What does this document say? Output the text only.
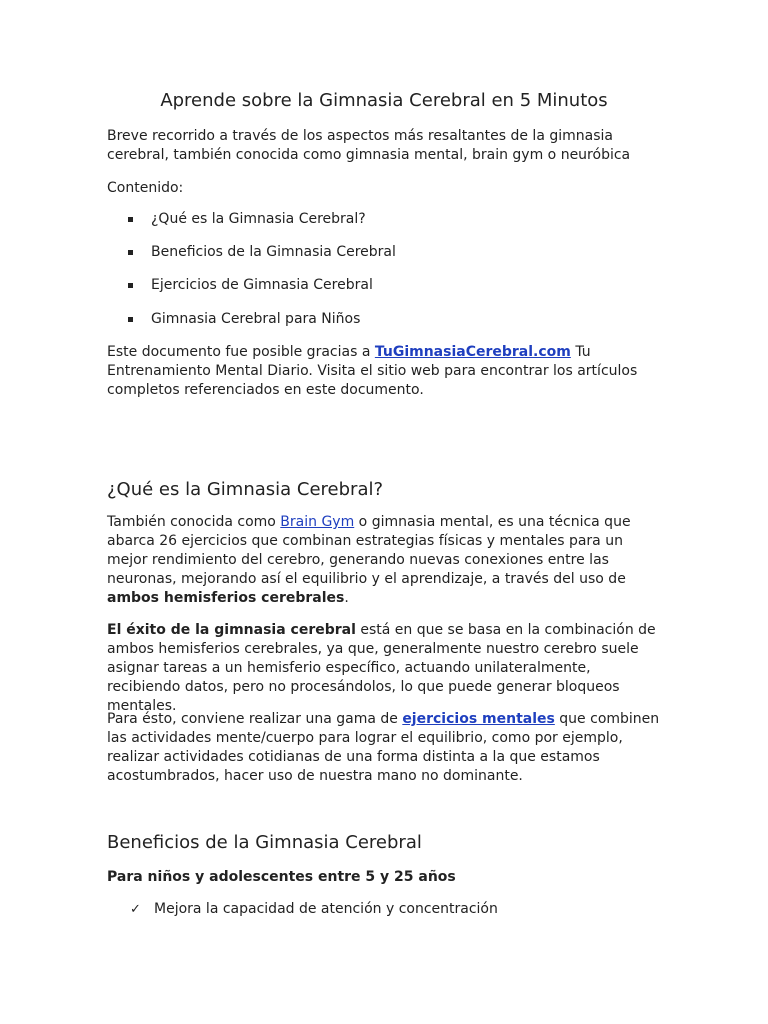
Aprende sobre la Gimnasia Cerebral en 5 Minutos

Breve recorrido a través de los aspectos más resaltantes de la gimnasia cerebral, también conocida como gimnasia mental, brain gym o neuróbica

Contenido:

¿Qué es la Gimnasia Cerebral?
Beneficios de la Gimnasia Cerebral
Ejercicios de Gimnasia Cerebral
Gimnasia Cerebral para Niños

Este documento fue posible gracias a TuGimnasiaCerebral.com Tu Entrenamiento Mental Diario. Visita el sitio web para encontrar los artículos completos referenciados en este documento.

¿Qué es la Gimnasia Cerebral?

También conocida como Brain Gym o gimnasia mental, es una técnica que abarca 26 ejercicios que combinan estrategias físicas y mentales para un mejor rendimiento del cerebro, generando nuevas conexiones entre las neuronas, mejorando así el equilibrio y el aprendizaje, a través del uso de ambos hemisferios cerebrales.

El éxito de la gimnasia cerebral está en que se basa en la combinación de ambos hemisferios cerebrales, ya que, generalmente nuestro cerebro suele asignar tareas a un hemisferio específico, actuando unilateralmente, recibiendo datos, pero no procesándolos, lo que puede generar bloqueos mentales.

Para ésto, conviene realizar una gama de ejercicios mentales que combinen las actividades mente/cuerpo para lograr el equilibrio, como por ejemplo, realizar actividades cotidianas de una forma distinta a la que estamos acostumbrados, hacer uso de nuestra mano no dominante.

Beneficios de la Gimnasia Cerebral
Para niños y adolescentes entre 5 y 25 años
✓ Mejora la capacidad de atención y concentración
